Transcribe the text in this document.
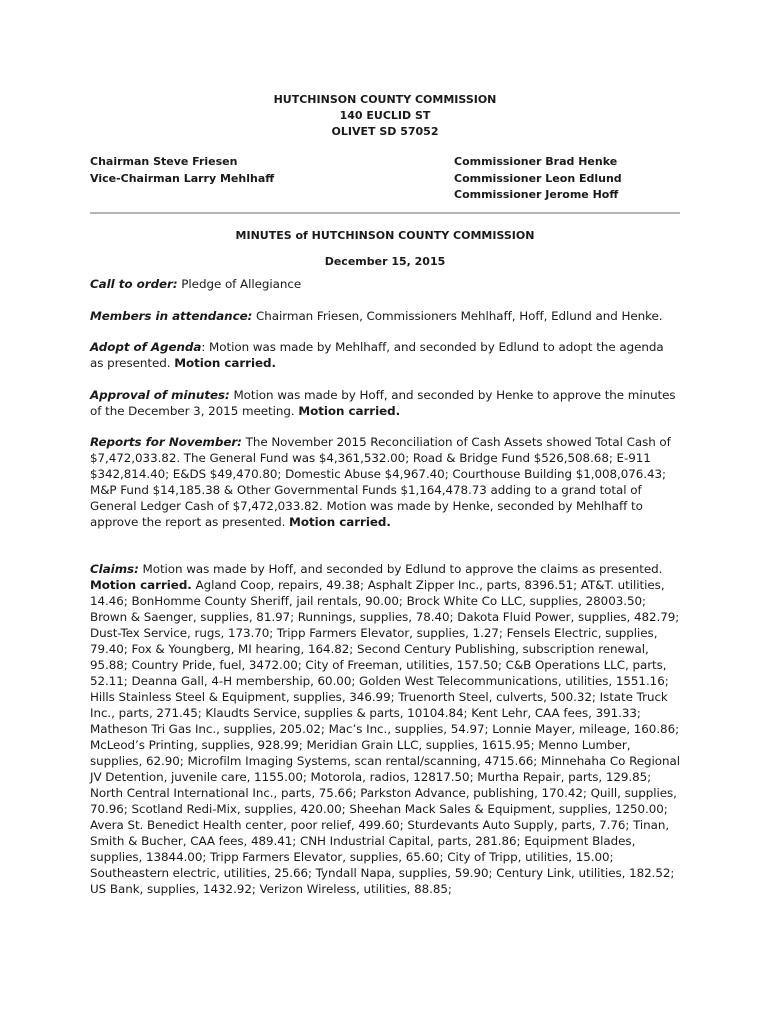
HUTCHINSON COUNTY COMMISSION
140 EUCLID ST
OLIVET SD 57052
Chairman Steve Friesen
Vice-Chairman Larry Mehlhaff
Commissioner Brad Henke
Commissioner Leon Edlund
Commissioner Jerome Hoff
MINUTES of HUTCHINSON COUNTY COMMISSION
December 15, 2015

Call to order: Pledge of Allegiance

Members in attendance: Chairman Friesen, Commissioners Mehlhaff, Hoff, Edlund and Henke.

Adopt of Agenda: Motion was made by Mehlhaff, and seconded by Edlund to adopt the agenda as presented. Motion carried.

Approval of minutes: Motion was made by Hoff, and seconded by Henke to approve the minutes of the December 3, 2015 meeting. Motion carried.

Reports for November: The November 2015 Reconciliation of Cash Assets showed Total Cash of $7,472,033.82. The General Fund was $4,361,532.00; Road & Bridge Fund $526,508.68; E-911 $342,814.40; E&DS $49,470.80; Domestic Abuse $4,967.40; Courthouse Building $1,008,076.43; M&P Fund $14,185.38 & Other Governmental Funds $1,164,478.73 adding to a grand total of General Ledger Cash of $7,472,033.82. Motion was made by Henke, seconded by Mehlhaff to approve the report as presented. Motion carried.

Claims: Motion was made by Hoff, and seconded by Edlund to approve the claims as presented. Motion carried. Agland Coop, repairs, 49.38; Asphalt Zipper Inc., parts, 8396.51; AT&T. utilities, 14.46; BonHomme County Sheriff, jail rentals, 90.00; Brock White Co LLC, supplies, 28003.50; Brown & Saenger, supplies, 81.97; Runnings, supplies, 78.40; Dakota Fluid Power, supplies, 482.79; Dust-Tex Service, rugs, 173.70; Tripp Farmers Elevator, supplies, 1.27; Fensels Electric, supplies, 79.40; Fox & Youngberg, MI hearing, 164.82; Second Century Publishing, subscription renewal, 95.88; Country Pride, fuel, 3472.00; City of Freeman, utilities, 157.50; C&B Operations LLC, parts, 52.11; Deanna Gall, 4-H membership, 60.00; Golden West Telecommunications, utilities, 1551.16; Hills Stainless Steel & Equipment, supplies, 346.99; Truenorth Steel, culverts, 500.32; Istate Truck Inc., parts, 271.45; Klaudts Service, supplies & parts, 10104.84; Kent Lehr, CAA fees, 391.33; Matheson Tri Gas Inc., supplies, 205.02; Mac’s Inc., supplies, 54.97; Lonnie Mayer, mileage, 160.86; McLeod’s Printing, supplies, 928.99; Meridian Grain LLC, supplies, 1615.95; Menno Lumber, supplies, 62.90; Microfilm Imaging Systems, scan rental/scanning, 4715.66; Minnehaha Co Regional JV Detention, juvenile care, 1155.00; Motorola, radios, 12817.50; Murtha Repair, parts, 129.85; North Central International Inc., parts, 75.66; Parkston Advance, publishing, 170.42; Quill, supplies, 70.96; Scotland Redi-Mix, supplies, 420.00; Sheehan Mack Sales & Equipment, supplies, 1250.00; Avera St. Benedict Health center, poor relief, 499.60; Sturdevants Auto Supply, parts, 7.76; Tinan, Smith & Bucher, CAA fees, 489.41; CNH Industrial Capital, parts, 281.86; Equipment Blades, supplies, 13844.00; Tripp Farmers Elevator, supplies, 65.60; City of Tripp, utilities, 15.00; Southeastern electric, utilities, 25.66; Tyndall Napa, supplies, 59.90; Century Link, utilities, 182.52; US Bank, supplies, 1432.92; Verizon Wireless, utilities, 88.85;
